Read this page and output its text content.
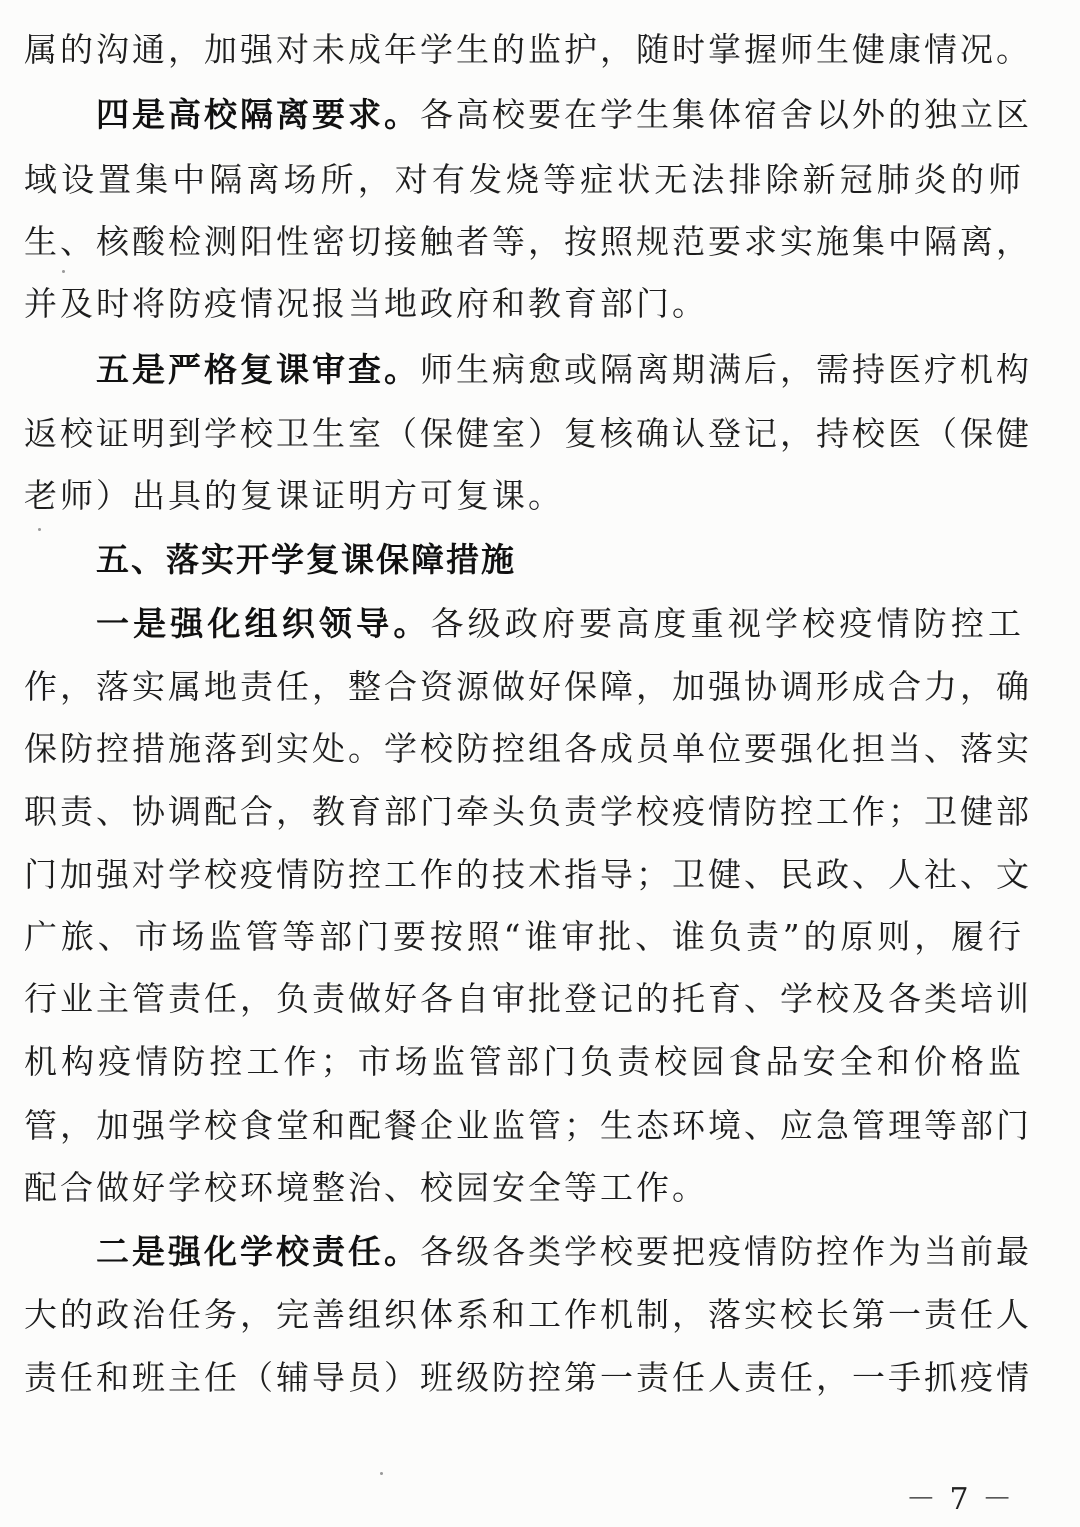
属的沟通，加强对未成年学生的监护，随时掌握师生健康情况。
四是高校隔离要求。各高校要在学生集体宿舍以外的独立区
域设置集中隔离场所，对有发烧等症状无法排除新冠肺炎的师
生、核酸检测阳性密切接触者等，按照规范要求实施集中隔离，
并及时将防疫情况报当地政府和教育部门。
五是严格复课审查。师生病愈或隔离期满后，需持医疗机构
返校证明到学校卫生室（保健室）复核确认登记，持校医（保健
老师）出具的复课证明方可复课。
五、落实开学复课保障措施
一是强化组织领导。各级政府要高度重视学校疫情防控工
作，落实属地责任，整合资源做好保障，加强协调形成合力，确
保防控措施落到实处。学校防控组各成员单位要强化担当、落实
职责、协调配合，教育部门牵头负责学校疫情防控工作；卫健部
门加强对学校疫情防控工作的技术指导；卫健、民政、人社、文
广旅、市场监管等部门要按照“谁审批、谁负责”的原则，履行
行业主管责任，负责做好各自审批登记的托育、学校及各类培训
机构疫情防控工作；市场监管部门负责校园食品安全和价格监
管，加强学校食堂和配餐企业监管；生态环境、应急管理等部门
配合做好学校环境整治、校园安全等工作。
二是强化学校责任。各级各类学校要把疫情防控作为当前最
大的政治任务，完善组织体系和工作机制，落实校长第一责任人
责任和班主任（辅导员）班级防控第一责任人责任，一手抓疫情
－ 7 －
